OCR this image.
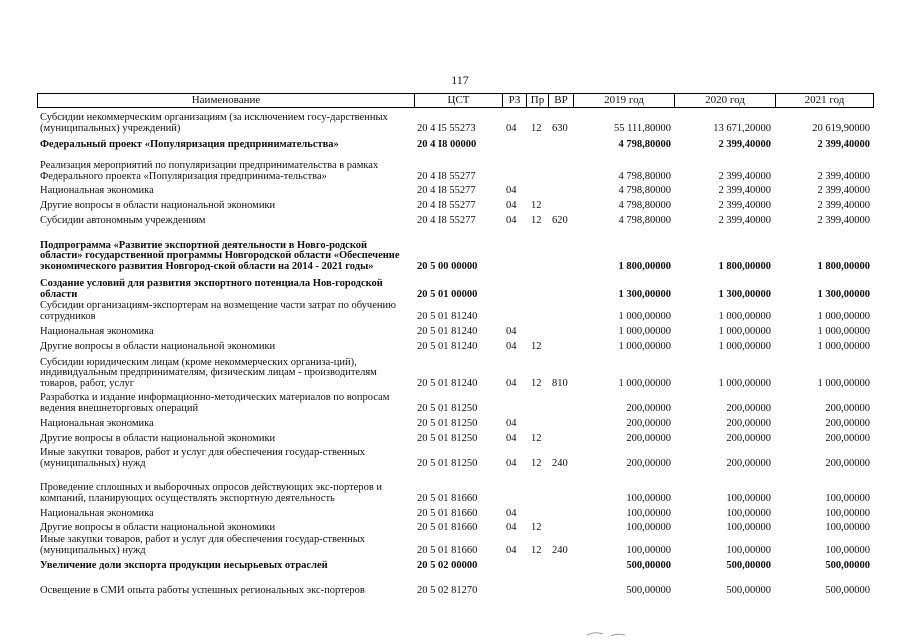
117
Наименование	ЦСТ	РЗ Пр ВР	2019 год	2020 год	2021 год
Субсидии некоммерческим организациям (за исключением госу-дарственных (муниципальных) учреждений)	20 4 I5 55273	04 12 630	55 111,80000	13 671,20000	20 619,90000
Федеральный проект «Популяризация предпринимательства»	20 4 I8 00000	4 798,80000	2 399,40000	2 399,40000
Реализация мероприятий по популяризации предпринимательства в рамках Федерального проекта «Популяризация предпринима-тельства»	20 4 I8 55277	4 798,80000	2 399,40000	2 399,40000
Национальная экономика	20 4 I8 55277	04	4 798,80000	2 399,40000	2 399,40000
Другие вопросы в области национальной экономики	20 4 I8 55277	04 12	4 798,80000	2 399,40000	2 399,40000
Субсидии автономным учреждениям	20 4 I8 55277	04 12 620	4 798,80000	2 399,40000	2 399,40000
Подпрограмма «Развитие экспортной деятельности в Новго-родской области» государственной программы Новгородской области «Обеспечение экономического развития Новгород-ской области на 2014 - 2021 годы»	20 5 00 00000	1 800,00000	1 800,00000	1 800,00000
Создание условий для развития экспортного потенциала Нов-городской области	20 5 01 00000	1 300,00000	1 300,00000	1 300,00000
Субсидии организациям-экспортерам на возмещение части затрат по обучению сотрудников	20 5 01 81240	1 000,00000	1 000,00000	1 000,00000
Национальная экономика	20 5 01 81240	04	1 000,00000	1 000,00000	1 000,00000
Другие вопросы в области национальной экономики	20 5 01 81240	04 12	1 000,00000	1 000,00000	1 000,00000
Субсидии юридическим лицам (кроме некоммерческих организа-ций), индивидуальным предпринимателям, физическим лицам - производителям товаров, работ, услуг	20 5 01 81240	04 12 810	1 000,00000	1 000,00000	1 000,00000
Разработка и издание информационно-методических материалов по вопросам ведения внешнеторговых операций	20 5 01 81250	200,00000	200,00000	200,00000
Национальная экономика	20 5 01 81250	04	200,00000	200,00000	200,00000
Другие вопросы в области национальной экономики	20 5 01 81250	04 12	200,00000	200,00000	200,00000
Иные закупки товаров, работ и услуг для обеспечения государ-ственных (муниципальных) нужд	20 5 01 81250	04 12 240	200,00000	200,00000	200,00000
Проведение сплошных и выборочных опросов действующих экс-портеров и компаний, планирующих осуществлять экспортную деятельность	20 5 01 81660	100,00000	100,00000	100,00000
Национальная экономика	20 5 01 81660	04	100,00000	100,00000	100,00000
Другие вопросы в области национальной экономики	20 5 01 81660	04 12	100,00000	100,00000	100,00000
Иные закупки товаров, работ и услуг для обеспечения государ-ственных (муниципальных) нужд	20 5 01 81660	04 12 240	100,00000	100,00000	100,00000
Увеличение доли экспорта продукции несырьевых отраслей	20 5 02 00000	500,00000	500,00000	500,00000
Освещение в СМИ опыта работы успешных региональных экс-портеров	20 5 02 81270	500,00000	500,00000	500,00000
